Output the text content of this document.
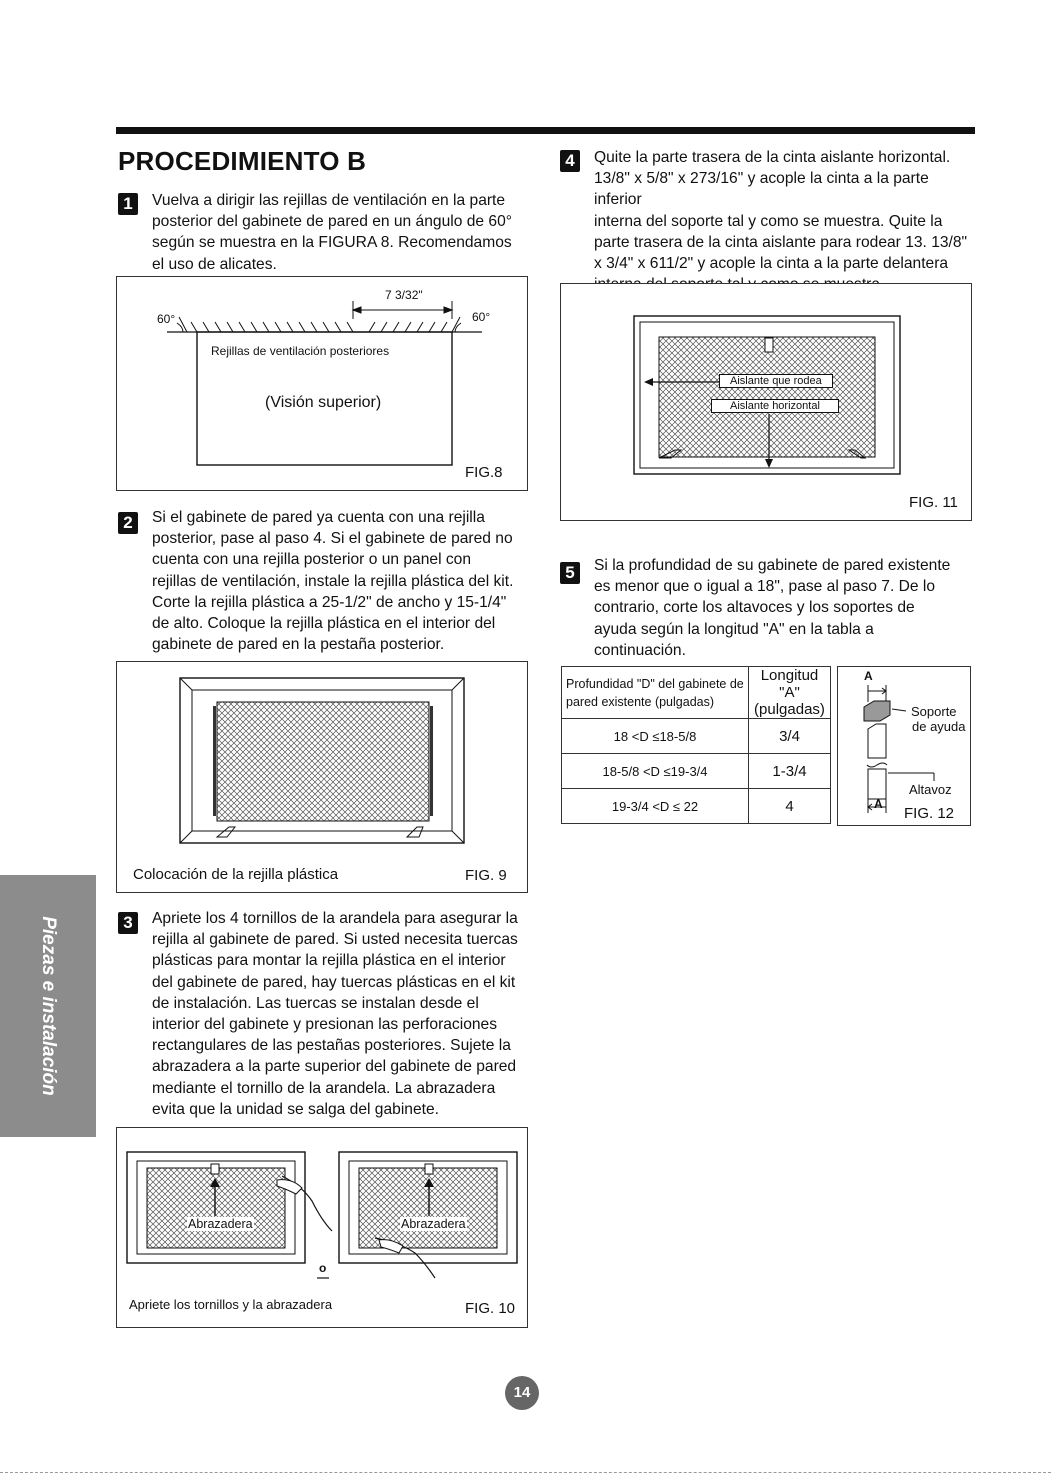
PROCEDIMIENTO B
1	Vuelva a dirigir las rejillas de ventilación en la parte
posterior del gabinete de pared en un ángulo de 60°
según se muestra en la FIGURA 8. Recomendamos
el uso de alicates.
7 3/32"
60°	60°
Rejillas de ventilación posteriores
(Visión superior)
FIG.8
2	Si el gabinete de pared ya cuenta con una rejilla
posterior, pase al paso 4. Si el gabinete de pared no
cuenta con una rejilla posterior o un panel con
rejillas de ventilación, instale la rejilla plástica del kit.
Corte la rejilla plástica a 25-1/2" de ancho y 15-1/4"
de alto. Coloque la rejilla plástica en el interior del
gabinete de pared en la pestaña posterior.
Colocación de la rejilla plástica	FIG. 9
3	Apriete los 4 tornillos de la arandela para asegurar la
rejilla al gabinete de pared. Si usted necesita tuercas
plásticas para montar la rejilla plástica en el interior
del gabinete de pared, hay tuercas plásticas en el kit
de instalación. Las tuercas se instalan desde el
interior del gabinete y presionan las perforaciones
rectangulares de las pestañas posteriores. Sujete la
abrazadera a la parte superior del gabinete de pared
mediante el tornillo de la arandela. La abrazadera
evita que la unidad se salga del gabinete.
Abrazadera	Abrazadera
o
Apriete los tornillos y la abrazadera	FIG. 10
4	Quite la parte trasera de la cinta aislante horizontal.
13/8" x 5/8" x 273/16" y acople la cinta a la parte inferior
interna del soporte tal y como se muestra. Quite la
parte trasera de la cinta aislante para rodear 13. 13/8"
x 3/4" x 611/2" y acople la cinta a la parte delantera
Aislante que rodea
Aislante horizontal
FIG. 11
5	Si la profundidad de su gabinete de pared existente
es menor que o igual a 18", pase al paso 7. De lo
contrario, corte los altavoces y los soportes de
ayuda según la longitud "A" en la tabla a
continuación.
Profundidad "D" del gabinete de pared existente (pulgadas)	Longitud "A"
(pulgadas)

18 <D ≤18-5/8	3/4
18-5/8 <D ≤19-3/4	1-3/4
19-3/4 <D ≤ 22	4
A
A
Soporte
de ayuda
Altavoz
FIG. 12
Piezas e instalación
14
